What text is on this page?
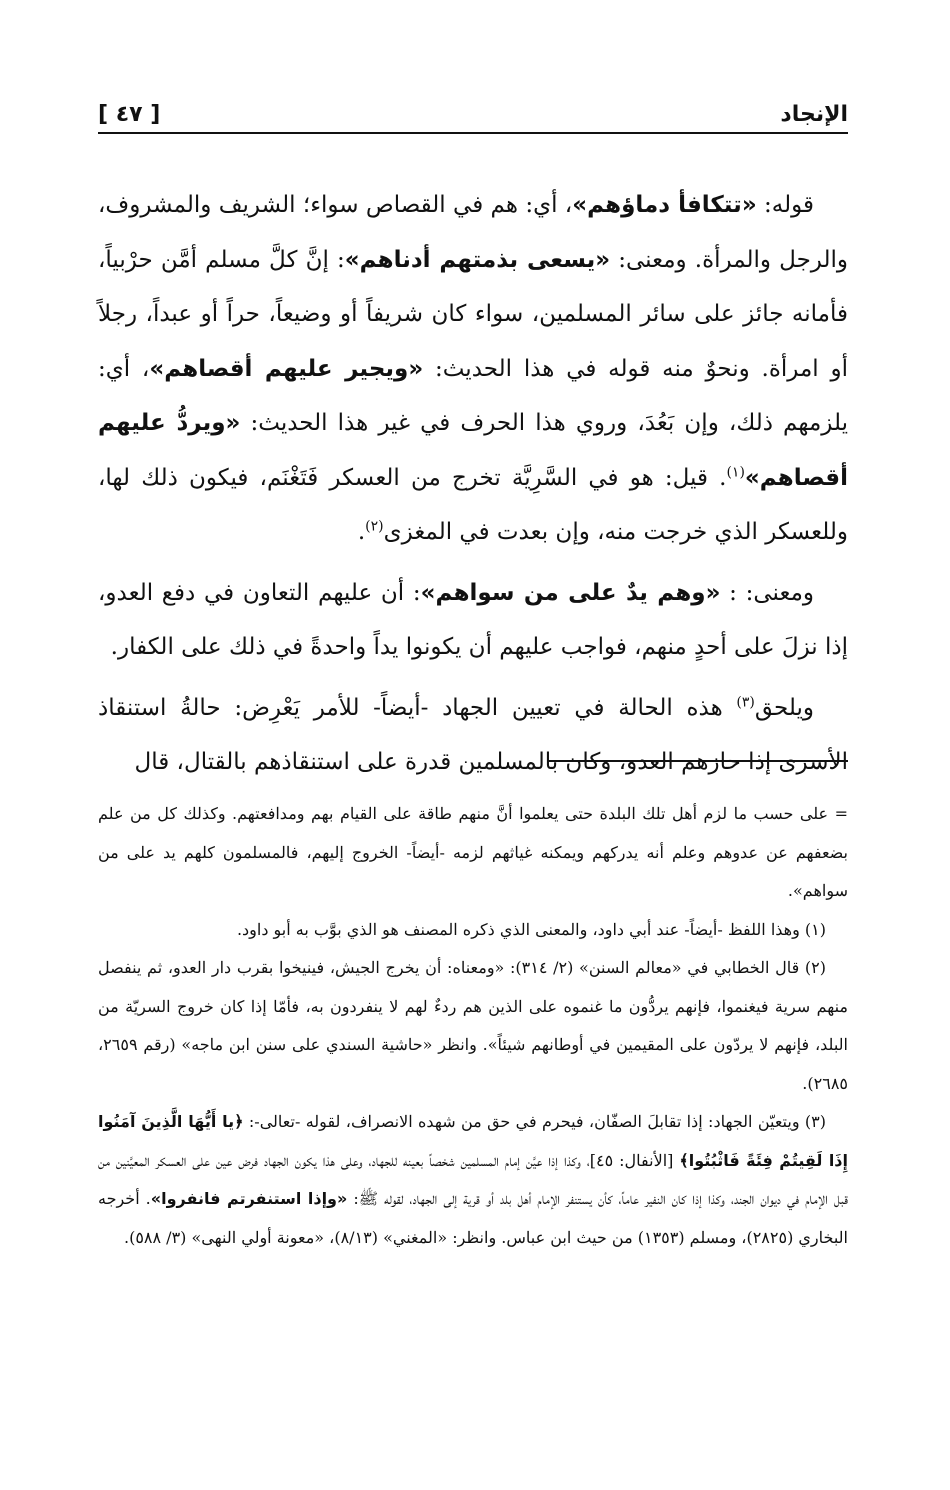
الإنجاد
[ ٤٧ ]

قوله: «تتكافأ دماؤهم»، أي: هم في القصاص سواء؛ الشريف والمشروف، والرجل والمرأة. ومعنى: «يسعى بذمتهم أدناهم»: إنَّ كلَّ مسلم أمَّن حرْبياً، فأمانه جائز على سائر المسلمين، سواء كان شريفاً أو وضيعاً، حراً أو عبداً، رجلاً أو امرأة. ونحوٌ منه قوله في هذا الحديث: «ويجير عليهم أقصاهم»، أي: يلزمهم ذلك، وإن بَعُدَ، وروي هذا الحرف في غير هذا الحديث: «ويردُّ عليهم أقصاهم»$^{(١)}$. قيل: هو في السَّرِيَّة تخرج من العسكر فَتَغْنَم، فيكون ذلك لها، وللعسكر الذي خرجت منه، وإن بعدت في المغزى$^{(٢)}$.

ومعنى: : «وهم يدٌ على من سواهم»: أن عليهم التعاون في دفع العدو، إذا نزلَ على أحدٍ منهم، فواجب عليهم أن يكونوا يداً واحدةً في ذلك على الكفار.

ويلحق$^{(٣)}$ هذه الحالة في تعيين الجهاد -أيضاً- للأمر يَعْرِض: حالةُ استنقاذ الأسرى إذا حازهم العدو، وكان بالمسلمين قدرة على استنقاذهم بالقتال، قال

= على حسب ما لزم أهل تلك البلدة حتى يعلموا أنَّ منهم طاقة على القيام بهم ومدافعتهم. وكذلك كل من علم بضعفهم عن عدوهم وعلم أنه يدركهم ويمكنه غياثهم لزمه -أيضاً- الخروج إليهم، فالمسلمون كلهم يد على من سواهم».

(١) وهذا اللفظ -أيضاً- عند أبي داود، والمعنى الذي ذكره المصنف هو الذي بوَّب به أبو داود.

(٢) قال الخطابي في «معالم السنن» (٢/ ٣١٤): «ومعناه: أن يخرج الجيش، فينيخوا بقرب دار العدو، ثم ينفصل منهم سرية فيغنموا، فإنهم يردُّون ما غنموه على الذين هم ردءٌ لهم لا ينفردون به، فأمّا إذا كان خروج السريّة من البلد، فإنهم لا يردّون على المقيمين في أوطانهم شيئاً». وانظر «حاشية السندي على سنن ابن ماجه» (رقم ٢٦٥٩، ٢٦٨٥).

(٣) ويتعيّن الجهاد: إذا تقابلَ الصفّان، فيحرم في حق من شهده الانصراف، لقوله -تعالى-: ﴿يا أَيُّهَا الَّذِينَ آمَنُوا إِذَا لَقِيتُمْ فِئَةً فَاثْبُتُوا﴾ [الأنفال: ٤٥]، وكذا إذا عيَّن إمام المسلمين شخصاً بعينه للجهاد، وعلى هذا يكون الجهاد فرض عين على العسكر المعيَّنين من قبل الإمام في ديوان الجند، وكذا إذا كان النفير عاماً، كأن يستنفر الإمام أهل بلد أو قرية إلى الجهاد، لقوله ﷺ: «وإذا استنفرتم فانفروا». أخرجه البخاري (٢٨٢٥)، ومسلم (١٣٥٣) من حيث ابن عباس. وانظر: «المغني» (٨/١٣)، «معونة أولي النهى» (٣/ ٥٨٨).
